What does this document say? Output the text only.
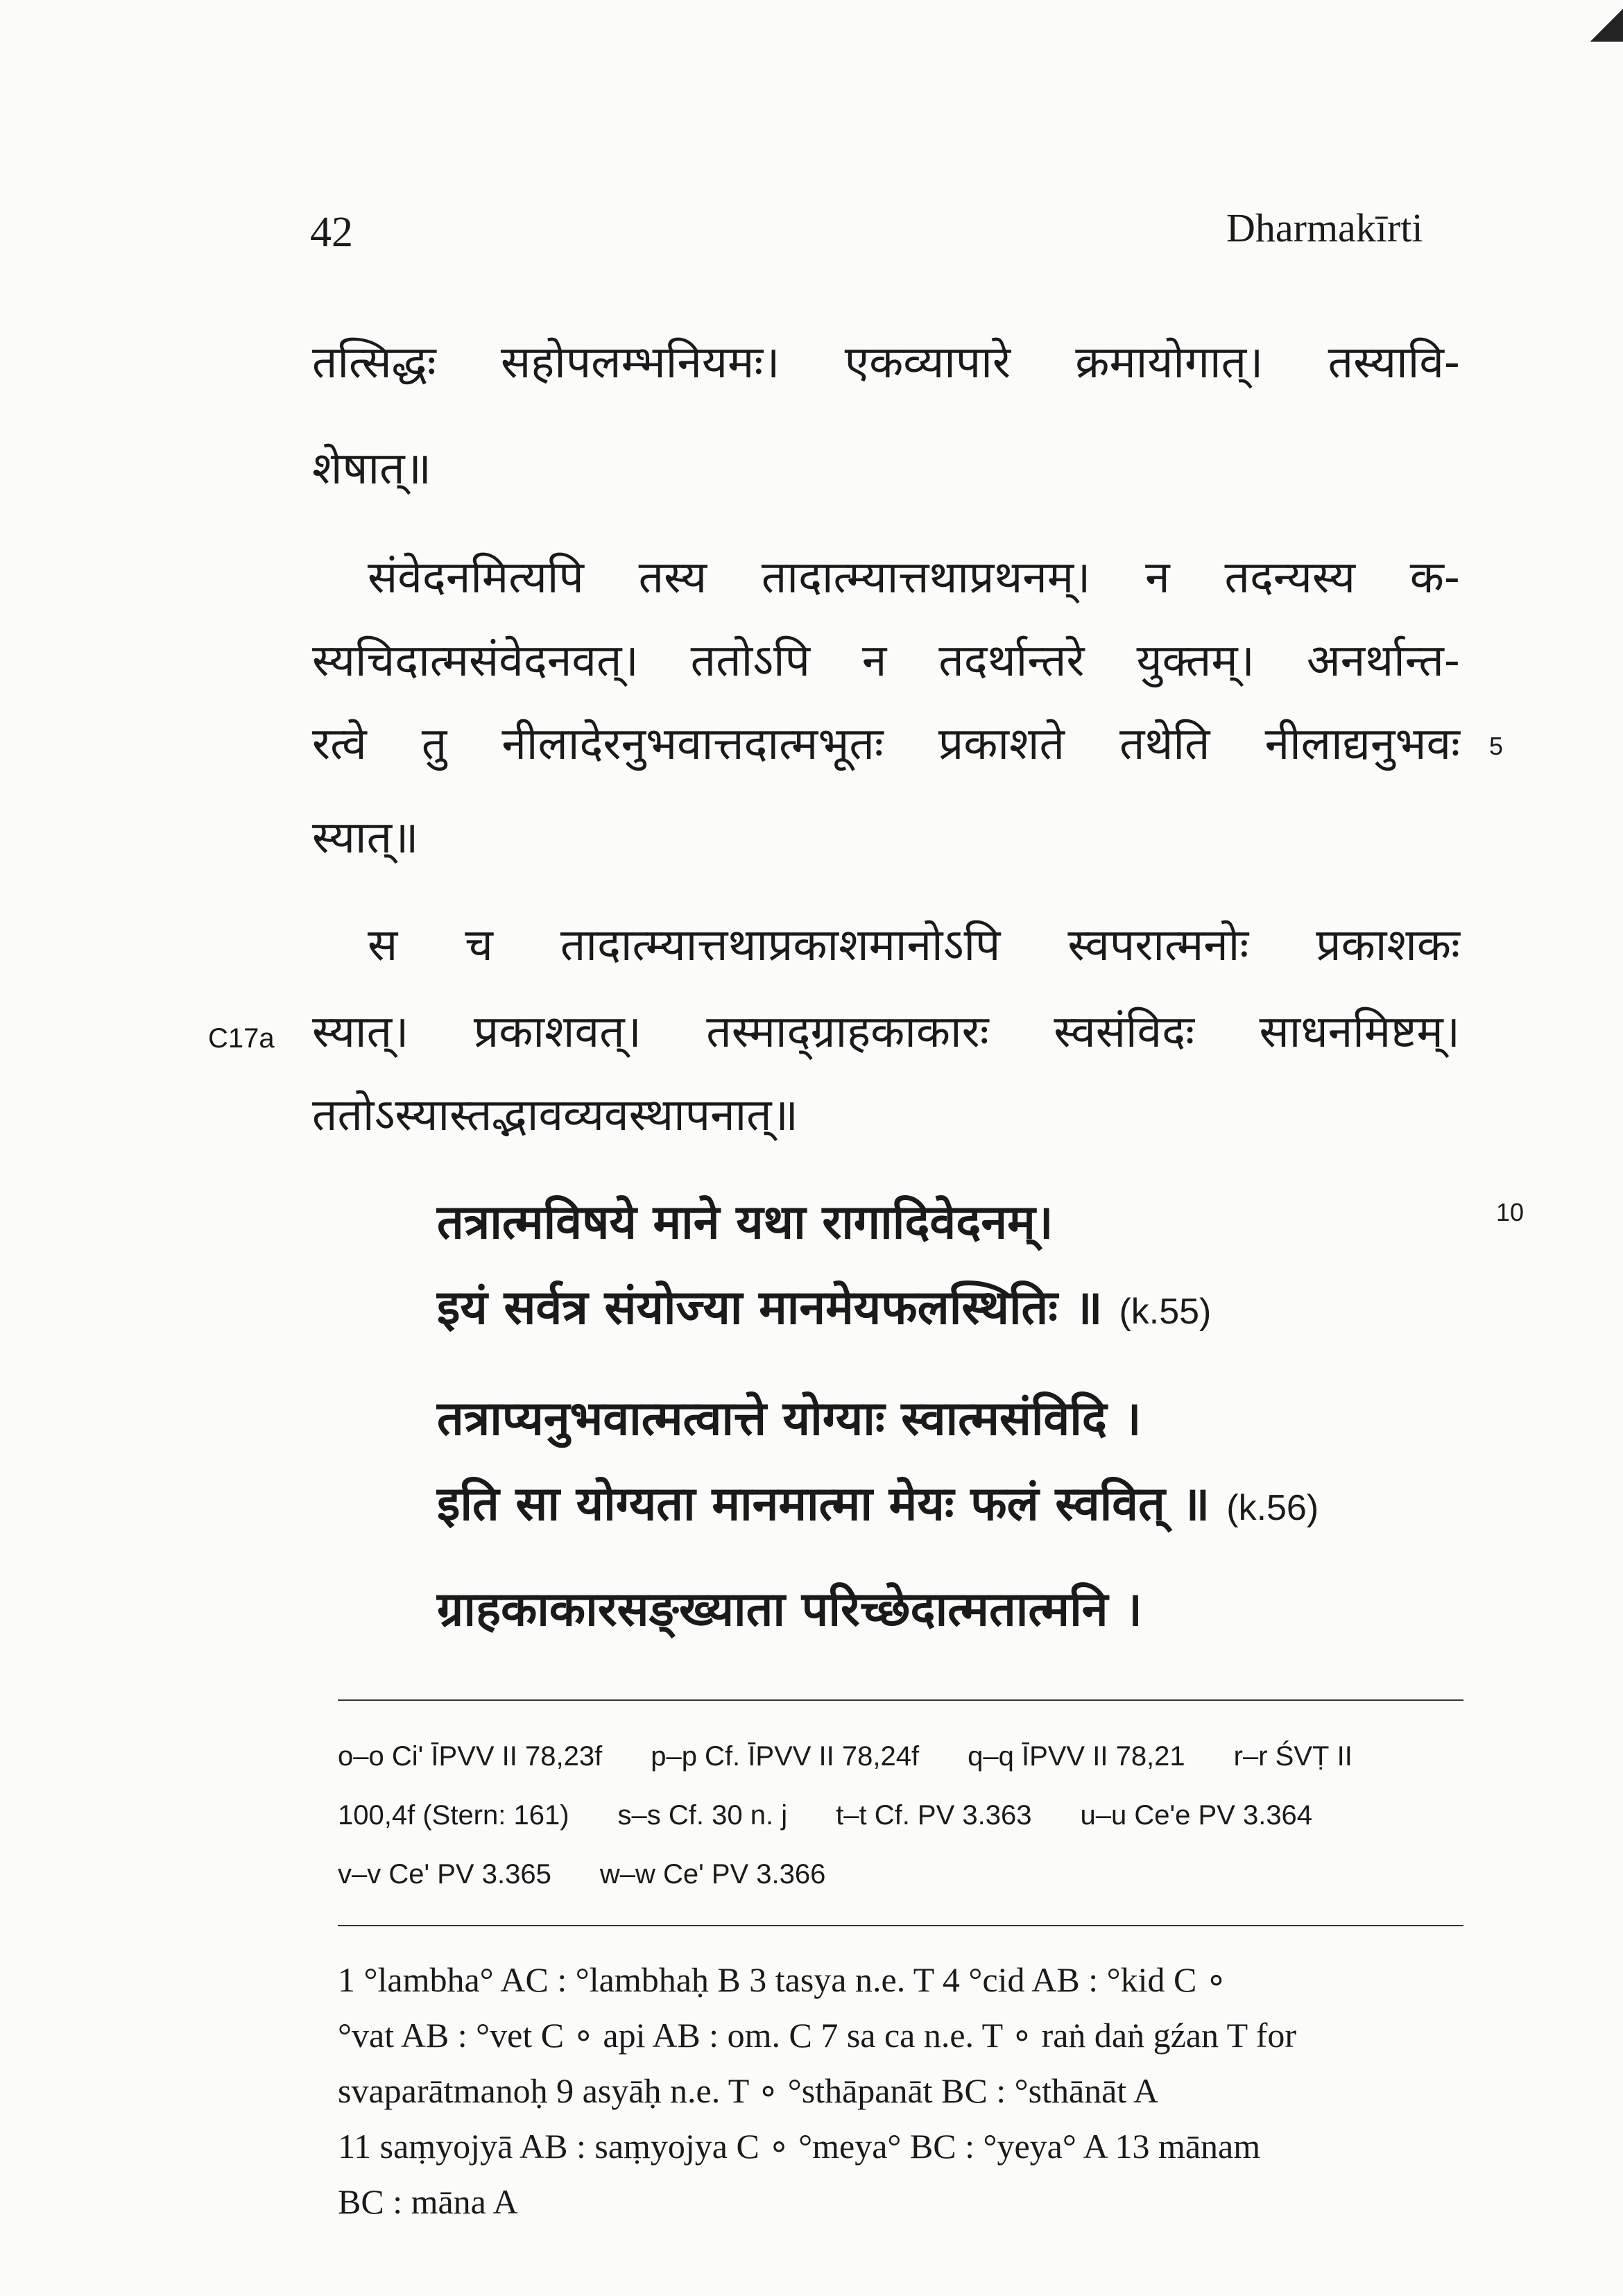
42	Dharmakīrti
तत्सिद्धः सहोपलम्भनियमः। एकव्यापारे क्रमायोगात्। तस्यावि-
शेषात्॥
संवेदनमित्यपि तस्य तादात्म्यात्तथाप्रथनम्। न तदन्यस्य क-
स्यचिदात्मसंवेदनवत्। ततोऽपि न तदर्थान्तरे युक्तम्। अनर्थान्त-
रत्वे तु नीलादेरनुभवात्तदात्मभूतः प्रकाशते तथेति नीलाद्यनुभवः 5
स्यात्॥
स च तादात्म्यात्तथाप्रकाशमानोऽपि स्वपरात्मनोः प्रकाशकः
C17a स्यात्। प्रकाशवत्। तस्माद्ग्राहकाकारः स्वसंविदः साधनमिष्टम्।
ततोऽस्यास्तद्भावव्यवस्थापनात्॥
तत्रात्मविषये माने यथा रागादिवेदनम्।	10
इयं सर्वत्र संयोज्या मानमेयफलस्थितिः ॥ (k.55)
तत्राप्यनुभवात्मत्वात्ते योग्याः स्वात्मसंविदि ।
इति सा योग्यता मानमात्मा मेयः फलं स्ववित् ॥ (k.56)
ग्राहकाकारसङ्ख्याता परिच्छेदात्मतात्मनि ।
o–o Ci' ĪPVV II 78,23f p–p Cf. ĪPVV II 78,24f q–q ĪPVV II 78,21 r–r ŚVṬ II
100,4f (Stern: 161) s–s Cf. 30 n. j t–t Cf. PV 3.363 u–u Ce'e PV 3.364
v–v Ce' PV 3.365 w–w Ce' PV 3.366
1 °lambha° AC : °lambhaḥ B 3 tasya n.e. T 4 °cid AB : °kid C ∘
°vat AB : °vet C ∘ api AB : om. C 7 sa ca n.e. T ∘ raṅ daṅ gźan T for
svaparātmanoḥ 9 asyāḥ n.e. T ∘ °sthāpanāt BC : °sthānāt A
11 saṃyojyā AB : saṃyojya C ∘ °meya° BC : °yeya° A 13 mānam
BC : māna A
